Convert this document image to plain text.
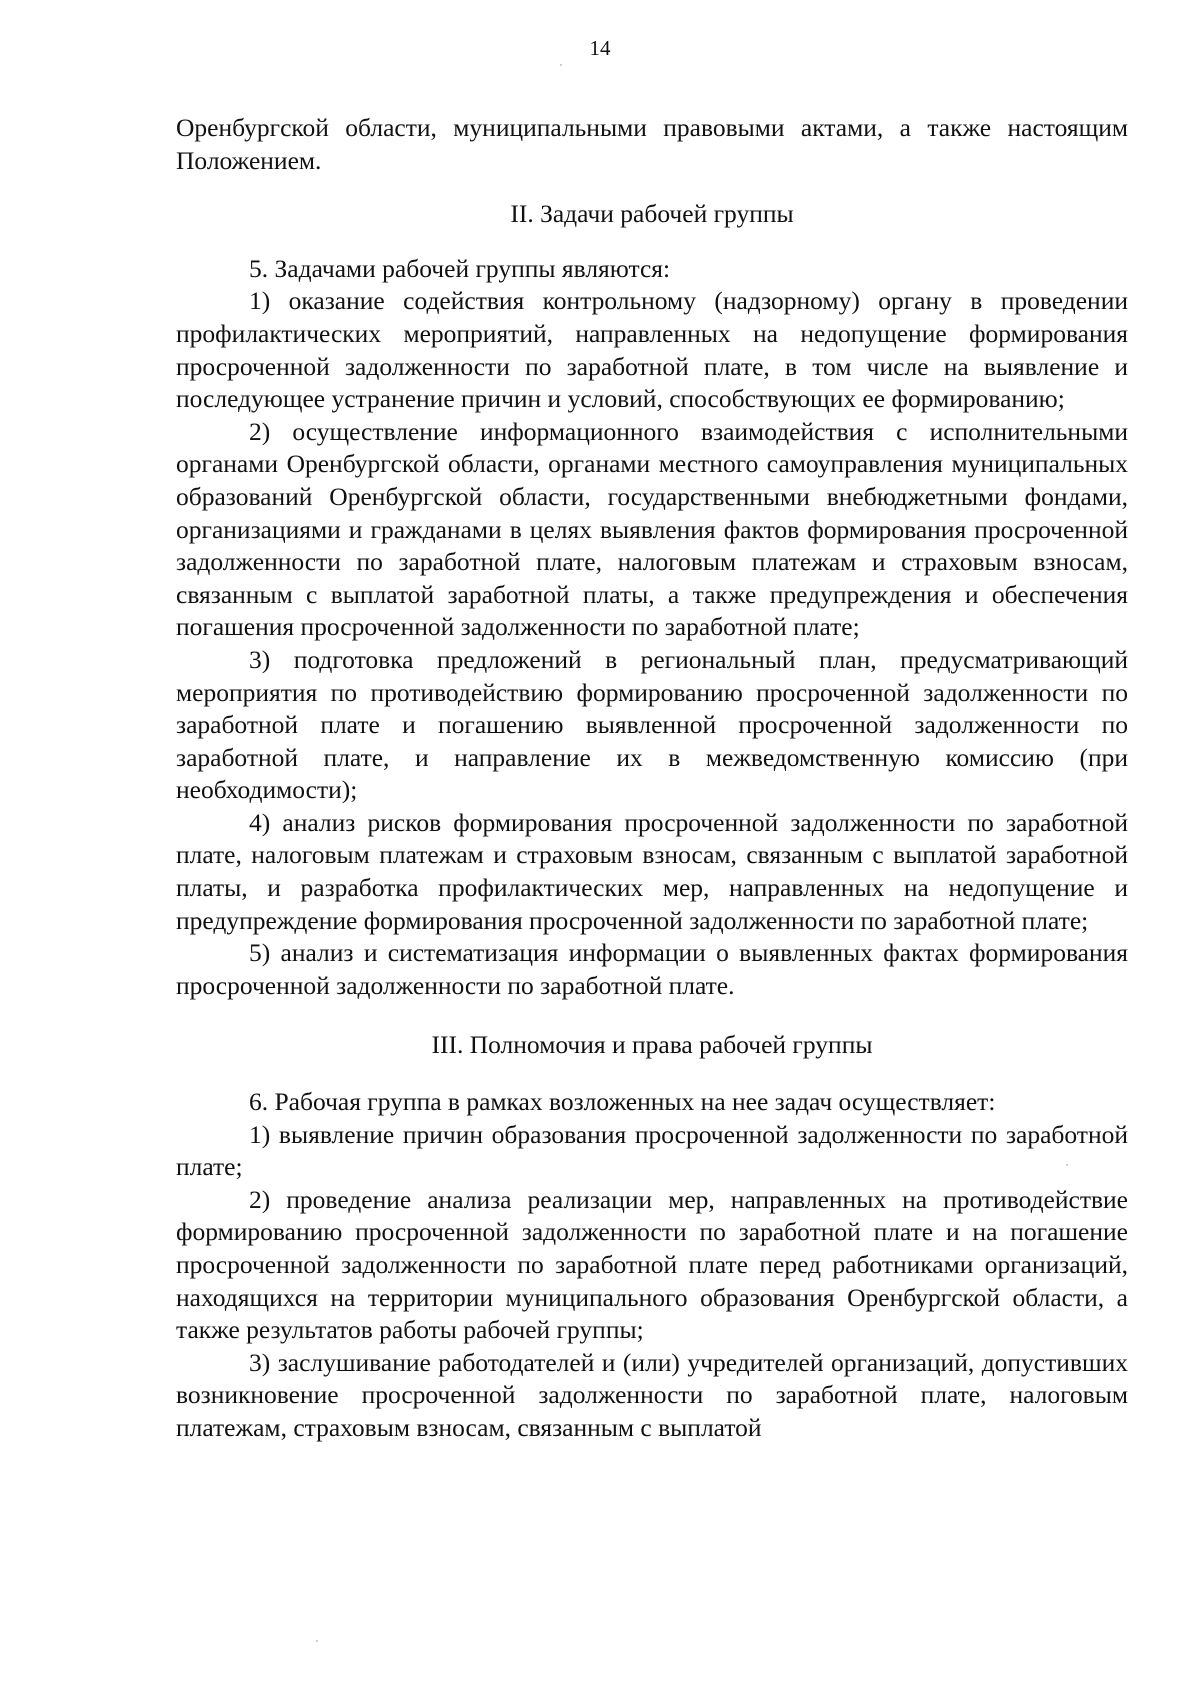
14

Оренбургской области, муниципальными правовыми актами, а также настоящим Положением.

II. Задачи рабочей группы

5. Задачами рабочей группы являются:

1) оказание содействия контрольному (надзорному) органу в проведении профилактических мероприятий, направленных на недопущение формирования просроченной задолженности по заработной плате, в том числе на выявление и последующее устранение причин и условий, способствующих ее формированию;

2) осуществление информационного взаимодействия с исполнительными органами Оренбургской области, органами местного самоуправления муниципальных образований Оренбургской области, государственными внебюджетными фондами, организациями и гражданами в целях выявления фактов формирования просроченной задолженности по заработной плате, налоговым платежам и страховым взносам, связанным с выплатой заработной платы, а также предупреждения и обеспечения погашения просроченной задолженности по заработной плате;

3) подготовка предложений в региональный план, предусматривающий мероприятия по противодействию формированию просроченной задолженности по заработной плате и погашению выявленной просроченной задолженности по заработной плате, и направление их в межведомственную комиссию (при необходимости);

4) анализ рисков формирования просроченной задолженности по заработной плате, налоговым платежам и страховым взносам, связанным с выплатой заработной платы, и разработка профилактических мер, направленных на недопущение и предупреждение формирования просроченной задолженности по заработной плате;

5) анализ и систематизация информации о выявленных фактах формирования просроченной задолженности по заработной плате.

III. Полномочия и права рабочей группы

6. Рабочая группа в рамках возложенных на нее задач осуществляет:

1) выявление причин образования просроченной задолженности по заработной плате;

2) проведение анализа реализации мер, направленных на противодействие формированию просроченной задолженности по заработной плате и на погашение просроченной задолженности по заработной плате перед работниками организаций, находящихся на территории муниципального образования Оренбургской области, а также результатов работы рабочей группы;

3) заслушивание работодателей и (или) учредителей организаций, допустивших возникновение просроченной задолженности по заработной плате, налоговым платежам, страховым взносам, связанным с выплатой
